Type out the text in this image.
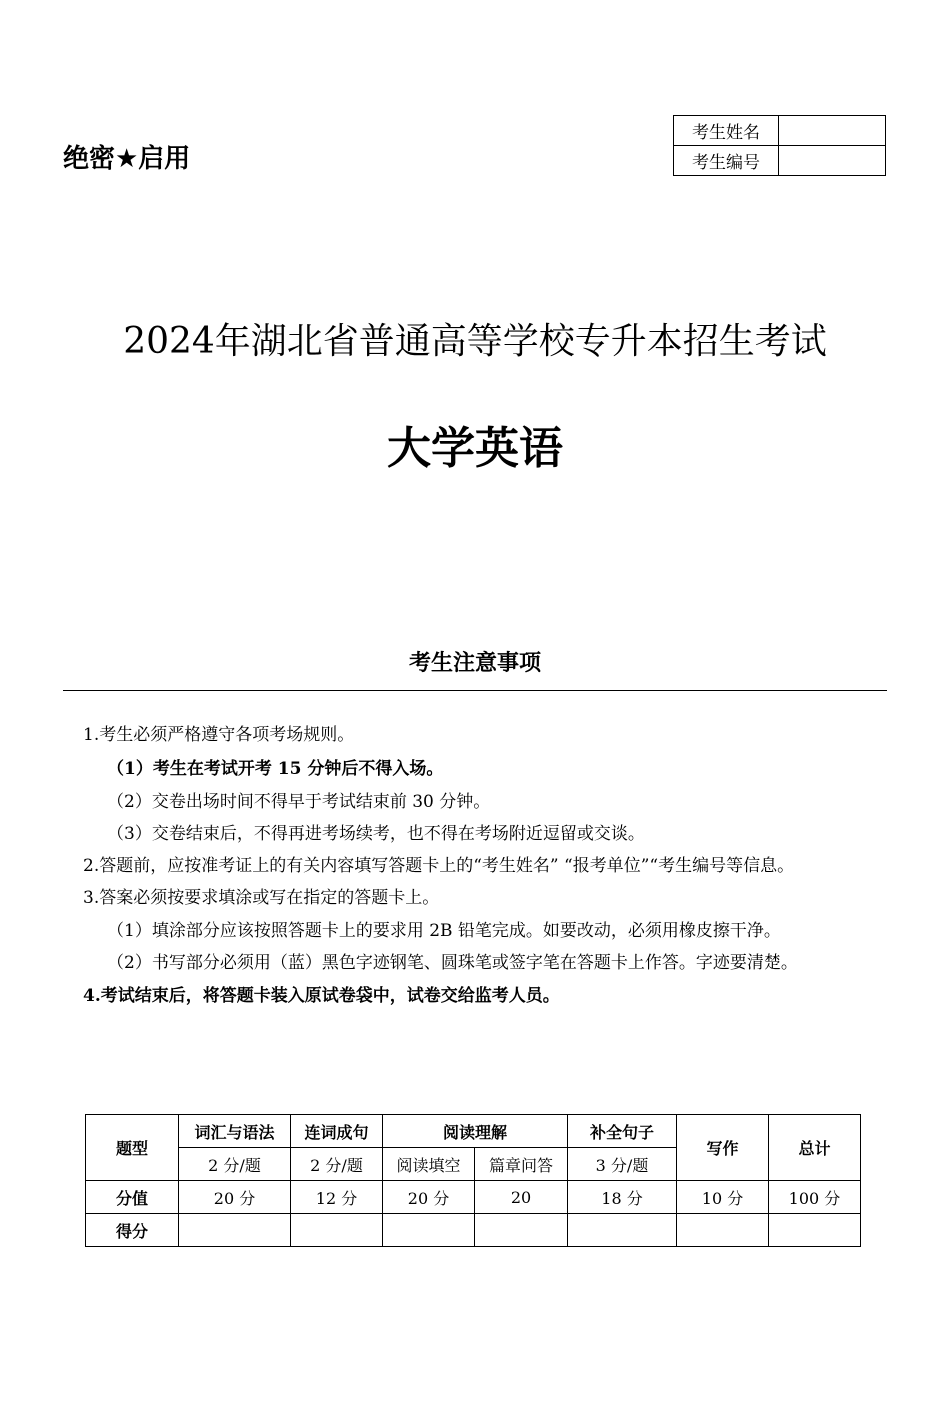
绝密★启用
考生姓名	
考生编号	
2024年湖北省普通高等学校专升本招生考试
大学英语
考生注意事项
1.考生必须严格遵守各项考场规则。
（1）考生在考试开考 15 分钟后不得入场。
（2）交卷出场时间不得早于考试结束前 30 分钟。
（3）交卷结束后，不得再进考场续考，也不得在考场附近逗留或交谈。
2.答题前，应按准考证上的有关内容填写答题卡上的“考生姓名” “报考单位”“考生编号等信息。
3.答案必须按要求填涂或写在指定的答题卡上。
（1）填涂部分应该按照答题卡上的要求用 2B 铅笔完成。如要改动，必须用橡皮擦干净。
（2）书写部分必须用（蓝）黑色字迹钢笔、圆珠笔或签字笔在答题卡上作答。字迹要清楚。
4.考试结束后，将答题卡装入原试卷袋中，试卷交给监考人员。
题型	词汇与语法	连词成句	阅读理解		补全句子	写作	总计
	2 分/题	2 分/题	阅读填空	篇章问答	3 分/题		
分值	20 分	12 分	20 分	20	18 分	10 分	100 分
得分							
